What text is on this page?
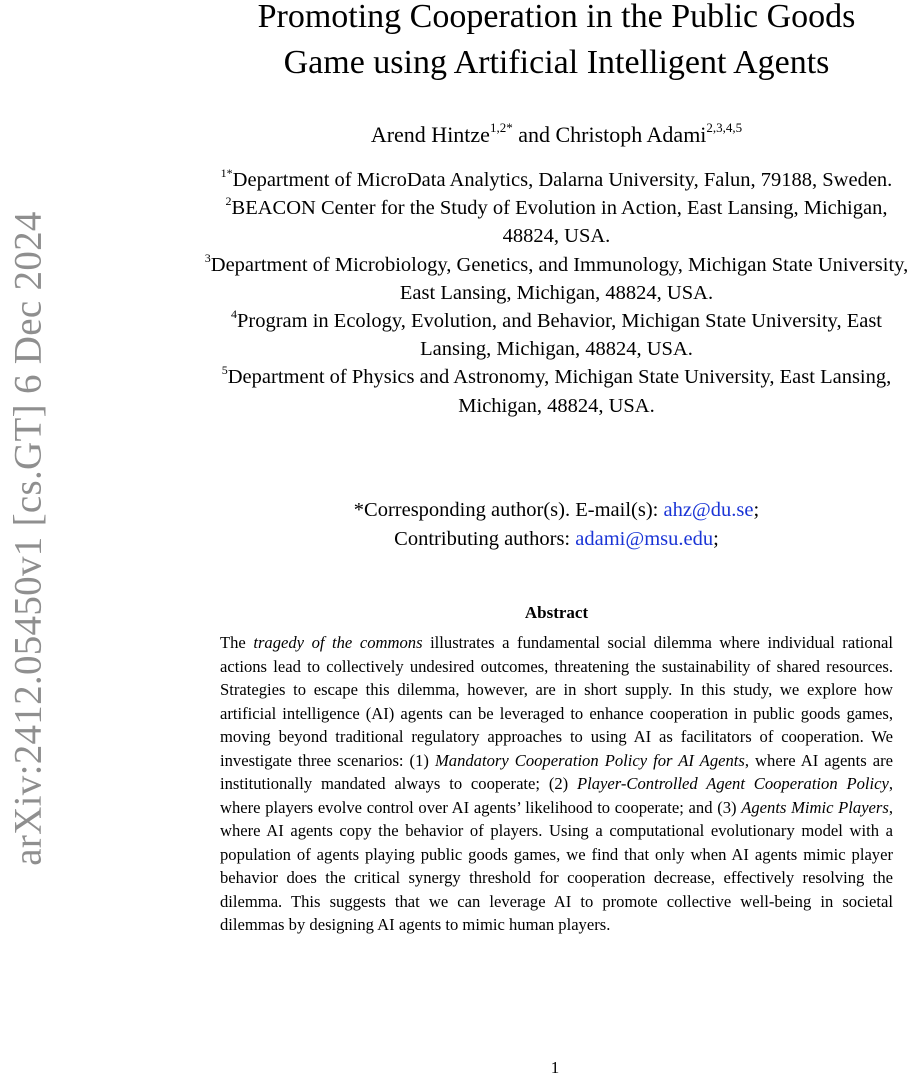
arXiv:2412.05450v1 [cs.GT] 6 Dec 2024
Promoting Cooperation in the Public Goods
Game using Artificial Intelligent Agents
Arend Hintze$^{1,2*}$ and Christoph Adami$^{2,3,4,5}$

$^{1*}$Department of MicroData Analytics, Dalarna University, Falun, 79188, Sweden.

$^2$BEACON Center for the Study of Evolution in Action, East Lansing, Michigan, 48824, USA.

$^3$Department of Microbiology, Genetics, and Immunology, Michigan State University, East Lansing, Michigan, 48824, USA.

$^4$Program in Ecology, Evolution, and Behavior, Michigan State University, East Lansing, Michigan, 48824, USA.

$^5$Department of Physics and Astronomy, Michigan State University, East Lansing, Michigan, 48824, USA.

*Corresponding author(s). E-mail(s): ahz@du.se;
Contributing authors: adami@msu.edu;
Abstract

The tragedy of the commons illustrates a fundamental social dilemma where individual rational actions lead to collectively undesired outcomes, threatening the sustainability of shared resources. Strategies to escape this dilemma, however, are in short supply. In this study, we explore how artificial intelligence (AI) agents can be leveraged to enhance cooperation in public goods games, moving beyond traditional regulatory approaches to using AI as facilitators of cooperation. We investigate three scenarios: (1) Mandatory Cooperation Policy for AI Agents, where AI agents are institutionally mandated always to cooperate; (2) Player-Controlled Agent Cooperation Policy, where players evolve control over AI agents’ likelihood to cooperate; and (3) Agents Mimic Players, where AI agents copy the behavior of players. Using a computational evolutionary model with a population of agents playing public goods games, we find that only when AI agents mimic player behavior does the critical synergy threshold for cooperation decrease, effectively resolving the dilemma. This suggests that we can leverage AI to promote collective well-being in societal dilemmas by designing AI agents to mimic human players.

1
